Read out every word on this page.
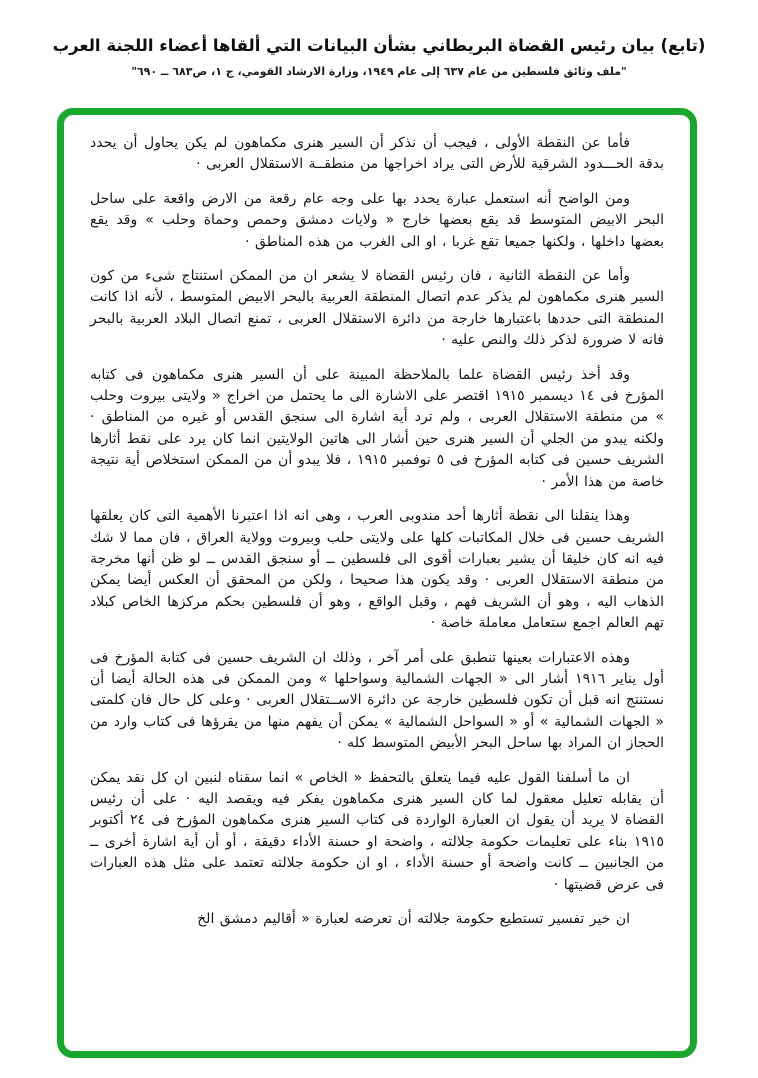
(تابع) بيان رئيس القضاة البريطاني بشأن البيانات التي ألقاها أعضاء اللجنة العرب

"ملف وثائق فلسطين من عام ٦٣٧ إلى عام ١٩٤٩، وزارة الارشاد القومي، ج ١، ص٦٨٣ ــ ٦٩٠"

فأما عن النقطة الأولى ، فيجب أن نذكر أن السير هنرى مكماهون لم يكن يحاول أن يحدد بدقة الحـــدود الشرقية للأرض التى يراد اخراجها من منطقــة الاستقلال العربى ·

ومن الواضح أنه استعمل عبارة يحدد بها على وجه عام رقعة من الارض واقعة على ساحل البحر الابيض المتوسط قد يقع بعضها خارج « ولايات دمشق وحمص وحماة وحلب » وقد يقع بعضها داخلها ، ولكنها جميعا تقع غربا ، او الى الغرب من هذه المناطق ·

وأما عن النقطة الثانية ، فان رئيس القضاة لا يشعر ان من الممكن استنتاج شىء من كون السير هنرى مكماهون لم يذكر عدم اتصال المنطقة العربية بالبحر الابيض المتوسط ، لأنه اذا كانت المنطقة التى حددها باعتبارها خارجة من دائرة الاستقلال العربى ، تمنع اتصال البلاد العربية بالبحر فانه لا ضرورة لذكر ذلك والنص عليه ·

وقد أخذ رئيس القضاة علما بالملاحظة المبينة على أن السير هنرى مكماهون فى كتابه المؤرخ فى ١٤ ديسمبر ١٩١٥ اقتصر على الاشارة الى ما يحتمل من اخراج « ولايتى بيروت وحلب » من منطقة الاستقلال العربى ، ولم ترد أية اشارة الى سنجق القدس أو غيره من المناطق · ولكنه يبدو من الجلي أن السير هنرى حين أشار الى هاتين الولايتين انما كان يرد على نقط أثارها الشريف حسين فى كتابه المؤرخ فى ٥ نوفمبر ١٩١٥ ، فلا يبدو أن من الممكن استخلاص أية نتيجة خاصة من هذا الأمر ·

وهذا ينقلنا الى نقطة أثارها أحد مندوبى العرب ، وهى انه اذا اعتبرنا الأهمية التى كان يعلقها الشريف حسين فى خلال المكاتبات كلها على ولايتى حلب وبيروت وولاية العراق ، فان مما لا شك فيه انه كان خليقا أن يشير بعبارات أقوى الى فلسطين ــ أو سنجق القدس ــ لو ظن أنها مخرجة من منطقة الاستقلال العربى · وقد يكون هذا صحيحا ، ولكن من المحقق أن العكس أيضا يمكن الذهاب اليه ، وهو أن الشريف فهم ، وقبل الواقع ، وهو أن فلسطين بحكم مركزها الخاص كبلاد تهم العالم اجمع ستعامل معاملة خاصة ·

وهذه الاعتبارات بعينها تنطبق على أمر آخر ، وذلك ان الشريف حسين فى كتابة المؤرخ فى أول يناير ١٩١٦ أشار الى « الجهات الشمالية وسواحلها » ومن الممكن فى هذه الحالة أيضا أن نستنتج انه قبل أن تكون فلسطين خارجة عن دائرة الاســتقلال العربى · وعلى كل حال فان كلمتى « الجهات الشمالية » أو « السواحل الشمالية » يمكن أن يفهم منها من يقرؤها فى كتاب وارد من الحجاز ان المراد بها ساحل البحر الأبيض المتوسط كله ·

ان ما أسلفنا القول عليه فيما يتعلق بالتحفظ « الخاص » انما سقناه لنبين ان كل نقد يمكن أن يقابله تعليل معقول لما كان السير هنرى مكماهون يفكر فيه ويقصد اليه · على أن رئيس القضاة لا يريد أن يقول ان العبارة الواردة فى كتاب السير هنرى مكماهون المؤرخ فى ٢٤ أكتوبر ١٩١٥ بناء على تعليمات حكومة جلالته ، واضحة او حسنة الأداء دقيقة ، أو أن أية اشارة أخرى ــ من الجانبين ــ كانت واضحة أو حسنة الأداء ، او ان حكومة جلالته تعتمد على مثل هذه العبارات فى عرض قضيتها ·

ان خير تفسير تستطيع حكومة جلالته أن تعرضه لعبارة « أقاليم دمشق الخ
